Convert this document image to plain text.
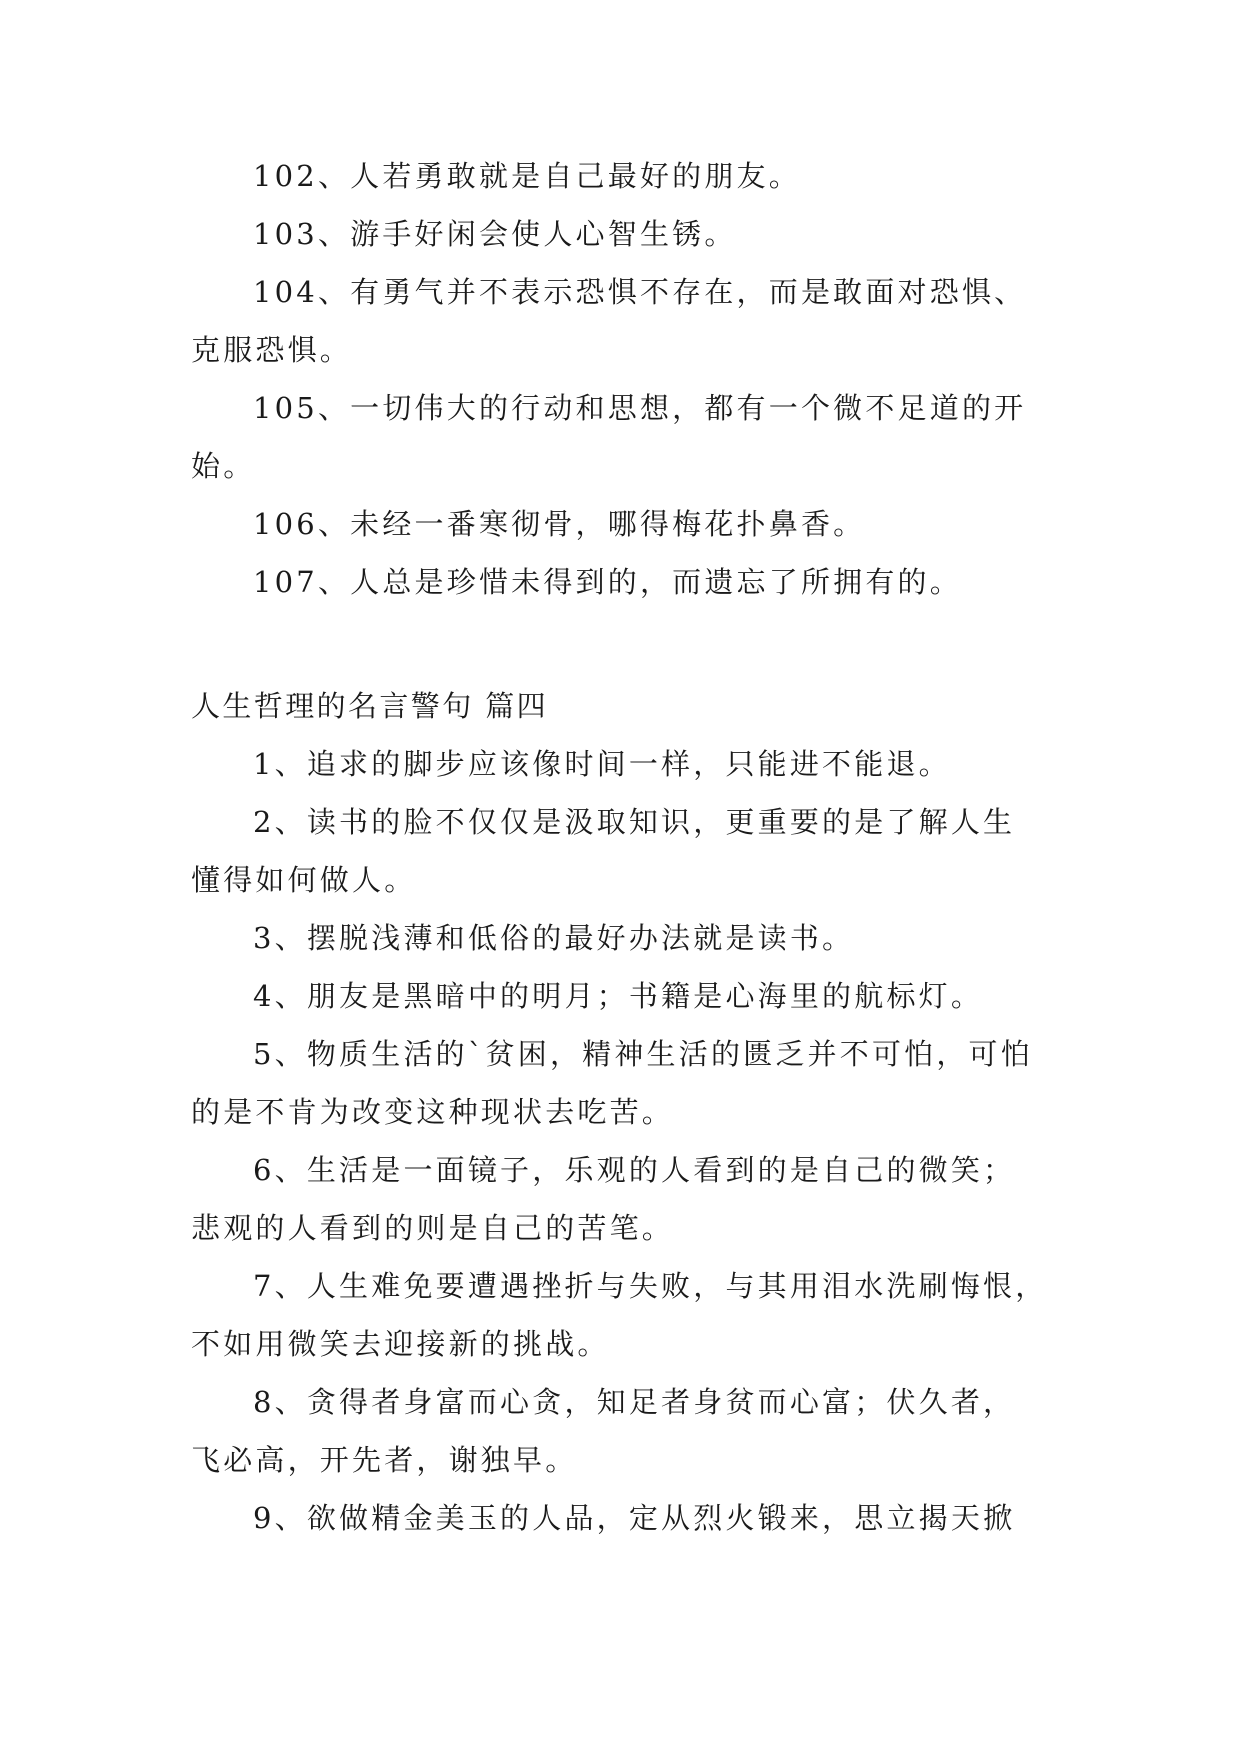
102、人若勇敢就是自己最好的朋友。
103、游手好闲会使人心智生锈。
104、有勇气并不表示恐惧不存在，而是敢面对恐惧、
克服恐惧。
105、一切伟大的行动和思想，都有一个微不足道的开
始。
106、未经一番寒彻骨，哪得梅花扑鼻香。
107、人总是珍惜未得到的，而遗忘了所拥有的。
人生哲理的名言警句 篇四
1、追求的脚步应该像时间一样，只能进不能退。
2、读书的脸不仅仅是汲取知识，更重要的是了解人生
懂得如何做人。
3、摆脱浅薄和低俗的最好办法就是读书。
4、朋友是黑暗中的明月；书籍是心海里的航标灯。
5、物质生活的`贫困，精神生活的匮乏并不可怕，可怕
的是不肯为改变这种现状去吃苦。
6、生活是一面镜子，乐观的人看到的是自己的微笑；
悲观的人看到的则是自己的苦笔。
7、人生难免要遭遇挫折与失败，与其用泪水洗刷悔恨，
不如用微笑去迎接新的挑战。
8、贪得者身富而心贪，知足者身贫而心富；伏久者，
飞必高，开先者，谢独早。
9、欲做精金美玉的人品，定从烈火锻来，思立揭天掀
